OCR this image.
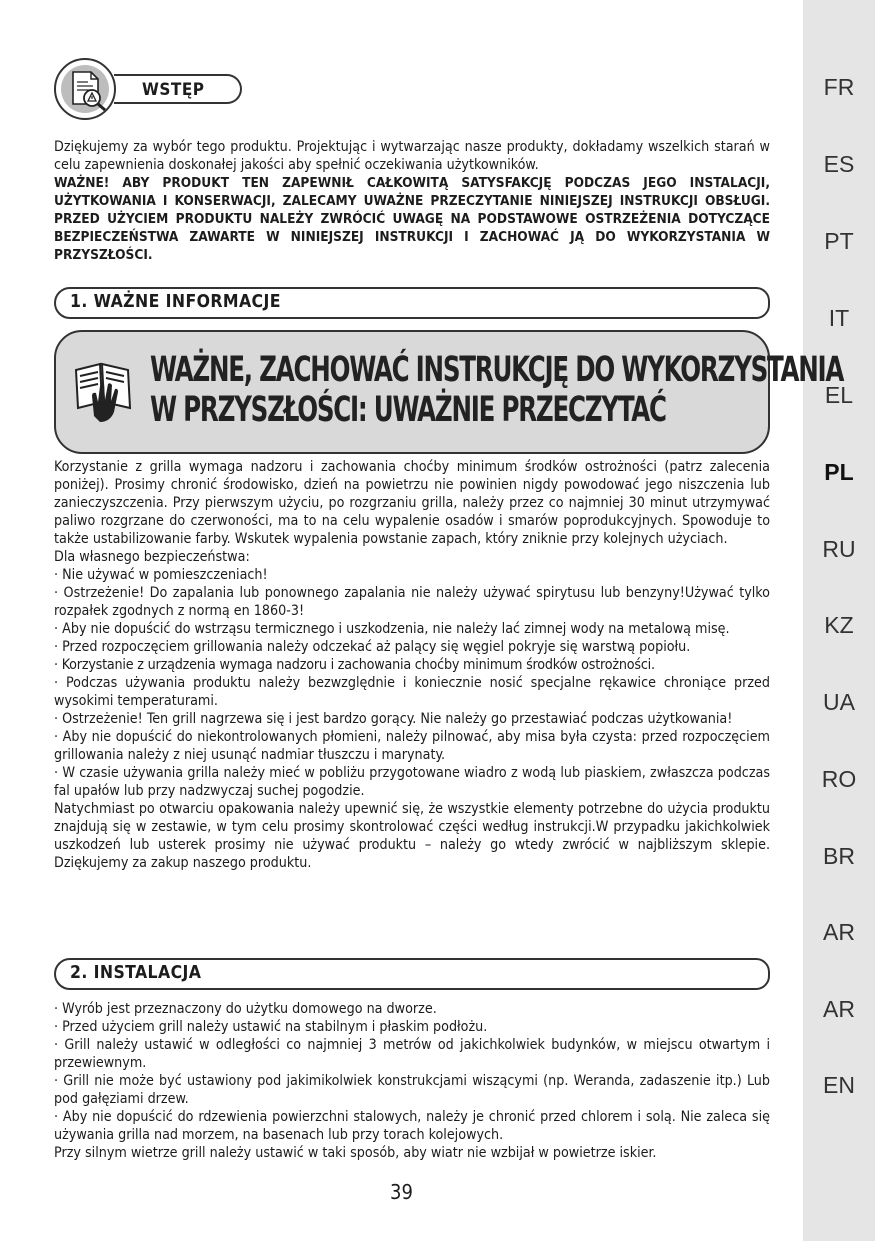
FR
ES
PT
IT
EL
PL
RU
KZ
UA
RO
BR
AR
AR
EN
WSTĘP

Dziękujemy za wybór tego produktu. Projektując i wytwarzając nasze produkty, dokładamy wszelkich starań w celu zapewnienia doskonałej jakości aby spełnić oczekiwania użytkowników.

WAŻNE! ABY PRODUKT TEN ZAPEWNIŁ CAŁKOWITĄ SATYSFAKCJĘ PODCZAS JEGO INSTALACJI, UŻYTKOWANIA I KONSERWACJI, ZALECAMY UWAŻNE PRZECZYTANIE NINIEJSZEJ INSTRUKCJI OBSŁUGI. PRZED UŻYCIEM PRODUKTU NALEŻY ZWRÓCIĆ UWAGĘ NA PODSTAWOWE OSTRZEŻENIA DOTYCZĄCE BEZPIECZEŃSTWA ZAWARTE W NINIEJSZEJ INSTRUKCJI I ZACHOWAĆ JĄ DO WYKORZYSTANIA W PRZYSZŁOŚCI.

1. WAŻNE INFORMACJE
WAŻNE, ZACHOWAĆ INSTRUKCJĘ DO WYKORZYSTANIA
W PRZYSZŁOŚCI: UWAŻNIE PRZECZYTAĆ

Korzystanie z grilla wymaga nadzoru i zachowania choćby minimum środków ostrożności (patrz zalecenia poniżej). Prosimy chronić środowisko, dzień na powietrzu nie powinien nigdy powodować jego niszczenia lub zanieczyszczenia. Przy pierwszym użyciu, po rozgrzaniu grilla, należy przez co najmniej 30 minut utrzymywać paliwo rozgrzane do czerwoności, ma to na celu wypalenie osadów i smarów poprodukcyjnych. Spowoduje to także ustabilizowanie farby. Wskutek wypalenia powstanie zapach, który zniknie przy kolejnych użyciach.

Dla własnego bezpieczeństwa:

· Nie używać w pomieszczeniach!

· Ostrzeżenie! Do zapalania lub ponownego zapalania nie należy używać spirytusu lub benzyny!Używać tylko rozpałek zgodnych z normą en 1860-3!

· Aby nie dopuścić do wstrząsu termicznego i uszkodzenia, nie należy lać zimnej wody na metalową misę.

· Przed rozpoczęciem grillowania należy odczekać aż palący się węgiel pokryje się warstwą popiołu.

· Korzystanie z urządzenia wymaga nadzoru i zachowania choćby minimum środków ostrożności.

· Podczas używania produktu należy bezwzględnie i koniecznie nosić specjalne rękawice chroniące przed wysokimi temperaturami.

· Ostrzeżenie! Ten grill nagrzewa się i jest bardzo gorący. Nie należy go przestawiać podczas użytkowania!

· Aby nie dopuścić do niekontrolowanych płomieni, należy pilnować, aby misa była czysta: przed rozpoczęciem grillowania należy z niej usunąć nadmiar tłuszczu i marynaty.

· W czasie używania grilla należy mieć w pobliżu przygotowane wiadro z wodą lub piaskiem, zwłaszcza podczas fal upałów lub przy nadzwyczaj suchej pogodzie.

Natychmiast po otwarciu opakowania należy upewnić się, że wszystkie elementy potrzebne do użycia produktu znajdują się w zestawie, w tym celu prosimy skontrolować części według instrukcji.W przypadku jakichkolwiek uszkodzeń lub usterek prosimy nie używać produktu – należy go wtedy zwrócić w najbliższym sklepie. Dziękujemy za zakup naszego produktu.

2. INSTALACJA

· Wyrób jest przeznaczony do użytku domowego na dworze.

· Przed użyciem grill należy ustawić na stabilnym i płaskim podłożu.

· Grill należy ustawić w odległości co najmniej 3 metrów od jakichkolwiek budynków, w miejscu otwartym i przewiewnym.

· Grill nie może być ustawiony pod jakimikolwiek konstrukcjami wiszącymi (np. Weranda, zadaszenie itp.) Lub pod gałęziami drzew.

· Aby nie dopuścić do rdzewienia powierzchni stalowych, należy je chronić przed chlorem i solą. Nie zaleca się używania grilla nad morzem, na basenach lub przy torach kolejowych.

Przy silnym wietrze grill należy ustawić w taki sposób, aby wiatr nie wzbijał w powietrze iskier.

39
